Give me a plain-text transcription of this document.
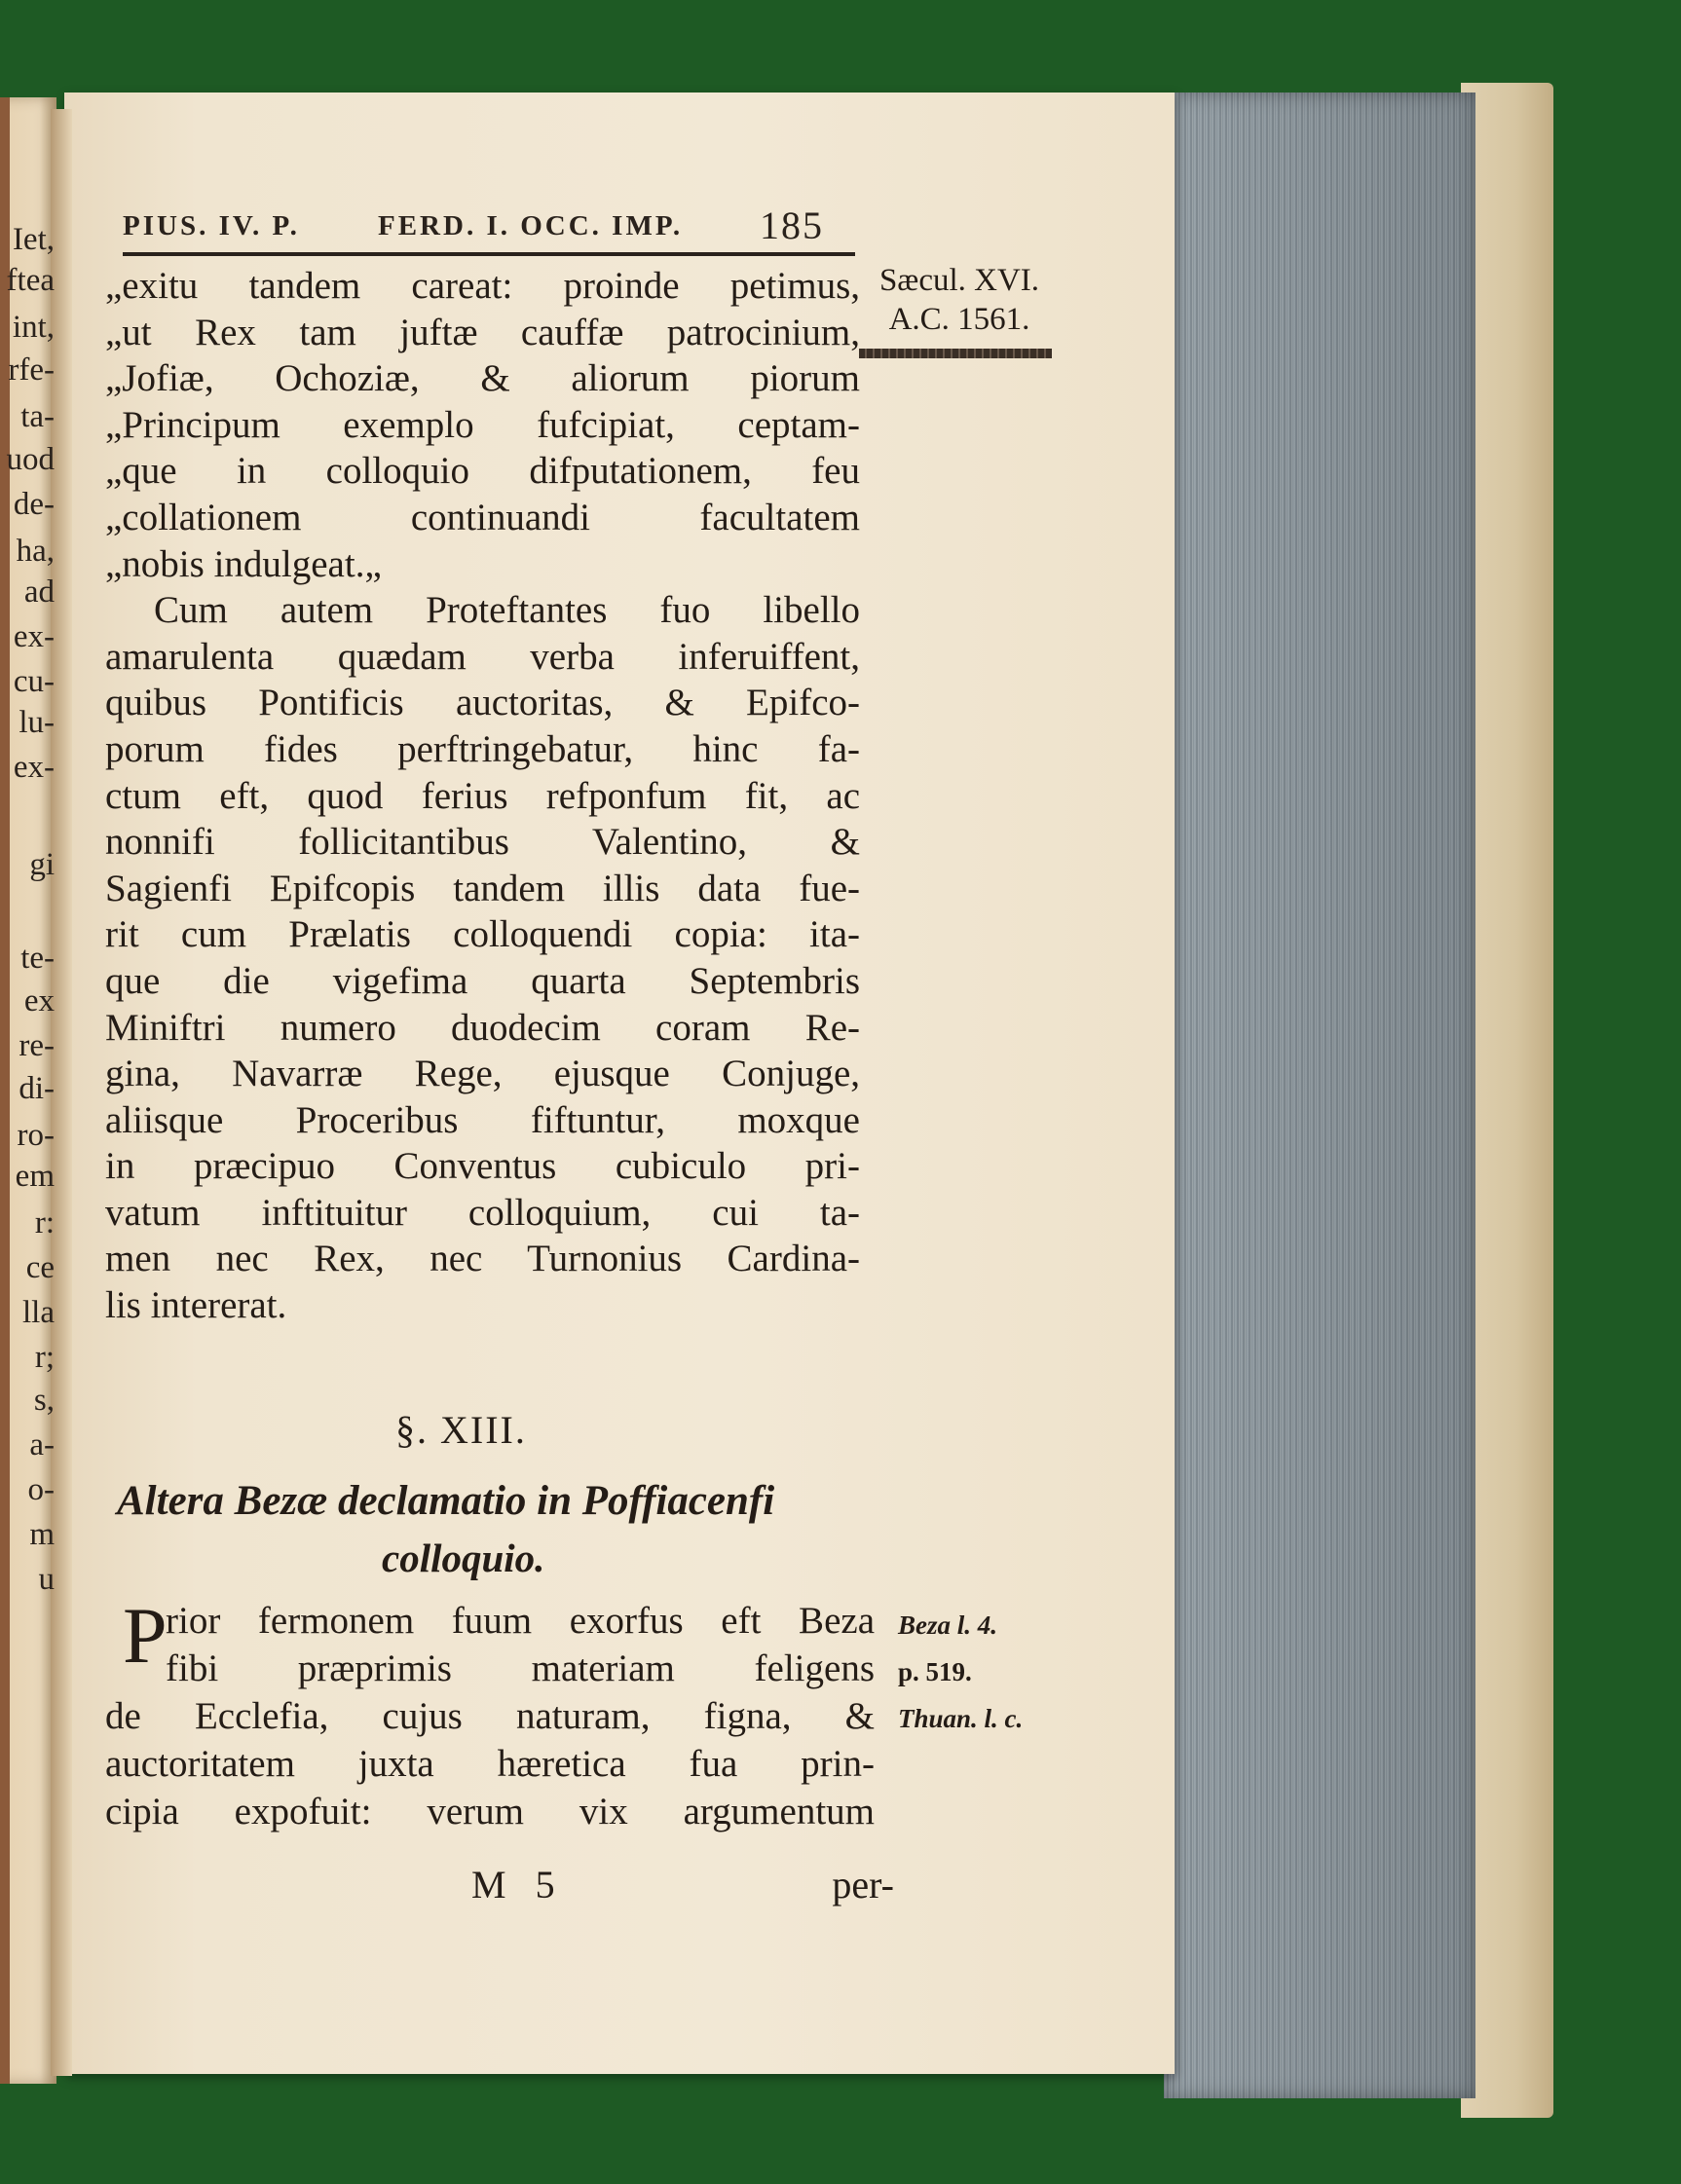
Iet,
ftea
int,
rfe-
ta-
uod
de-
ha,
ad
ex-
cu-
lu-
ex-
gi
te-
ex
re-
di-
ro-
em
r:
ce
lla
r;
s,
a-
o-
m
u
PIUS. IV. P.	FERD. I. OCC. IMP. 185
Sæcul. XVI.
A.C. 1561.
„exitu tandem careat: proinde petimus,
„ut Rex tam juftæ cauffæ patrocinium,
„Jofiæ, Ochoziæ, & aliorum piorum
„Principum exemplo fufcipiat, ceptam-
„que in colloquio difputationem, feu
„collationem continuandi facultatem
„nobis indulgeat.„
Cum autem Proteftantes fuo libello
amarulenta quædam verba inferuiffent,
quibus Pontificis auctoritas, & Epifco-
porum fides perftringebatur, hinc fa-
ctum eft, quod ferius refponfum fit, ac
nonnifi follicitantibus Valentino, &
Sagienfi Epifcopis tandem illis data fue-
rit cum Prælatis colloquendi copia: ita-
que die vigefima quarta Septembris
Miniftri numero duodecim coram Re-
gina, Navarræ Rege, ejusque Conjuge,
aliisque Proceribus fiftuntur, moxque
in præcipuo Conventus cubiculo pri-
vatum inftituitur colloquium, cui ta-
men nec Rex, nec Turnonius Cardina-
lis intererat.
§. XIII.
Altera Bezæ declamatio in Poffiacenfi
colloquio.
P
rior fermonem fuum exorfus eft Beza
fibi præprimis materiam feligens
de Ecclefia, cujus naturam, figna, &
auctoritatem juxta hæretica fua prin-
cipia expofuit: verum vix argumentum
Beza l. 4.
p. 519.
Thuan. l. c.
M 5	per-
